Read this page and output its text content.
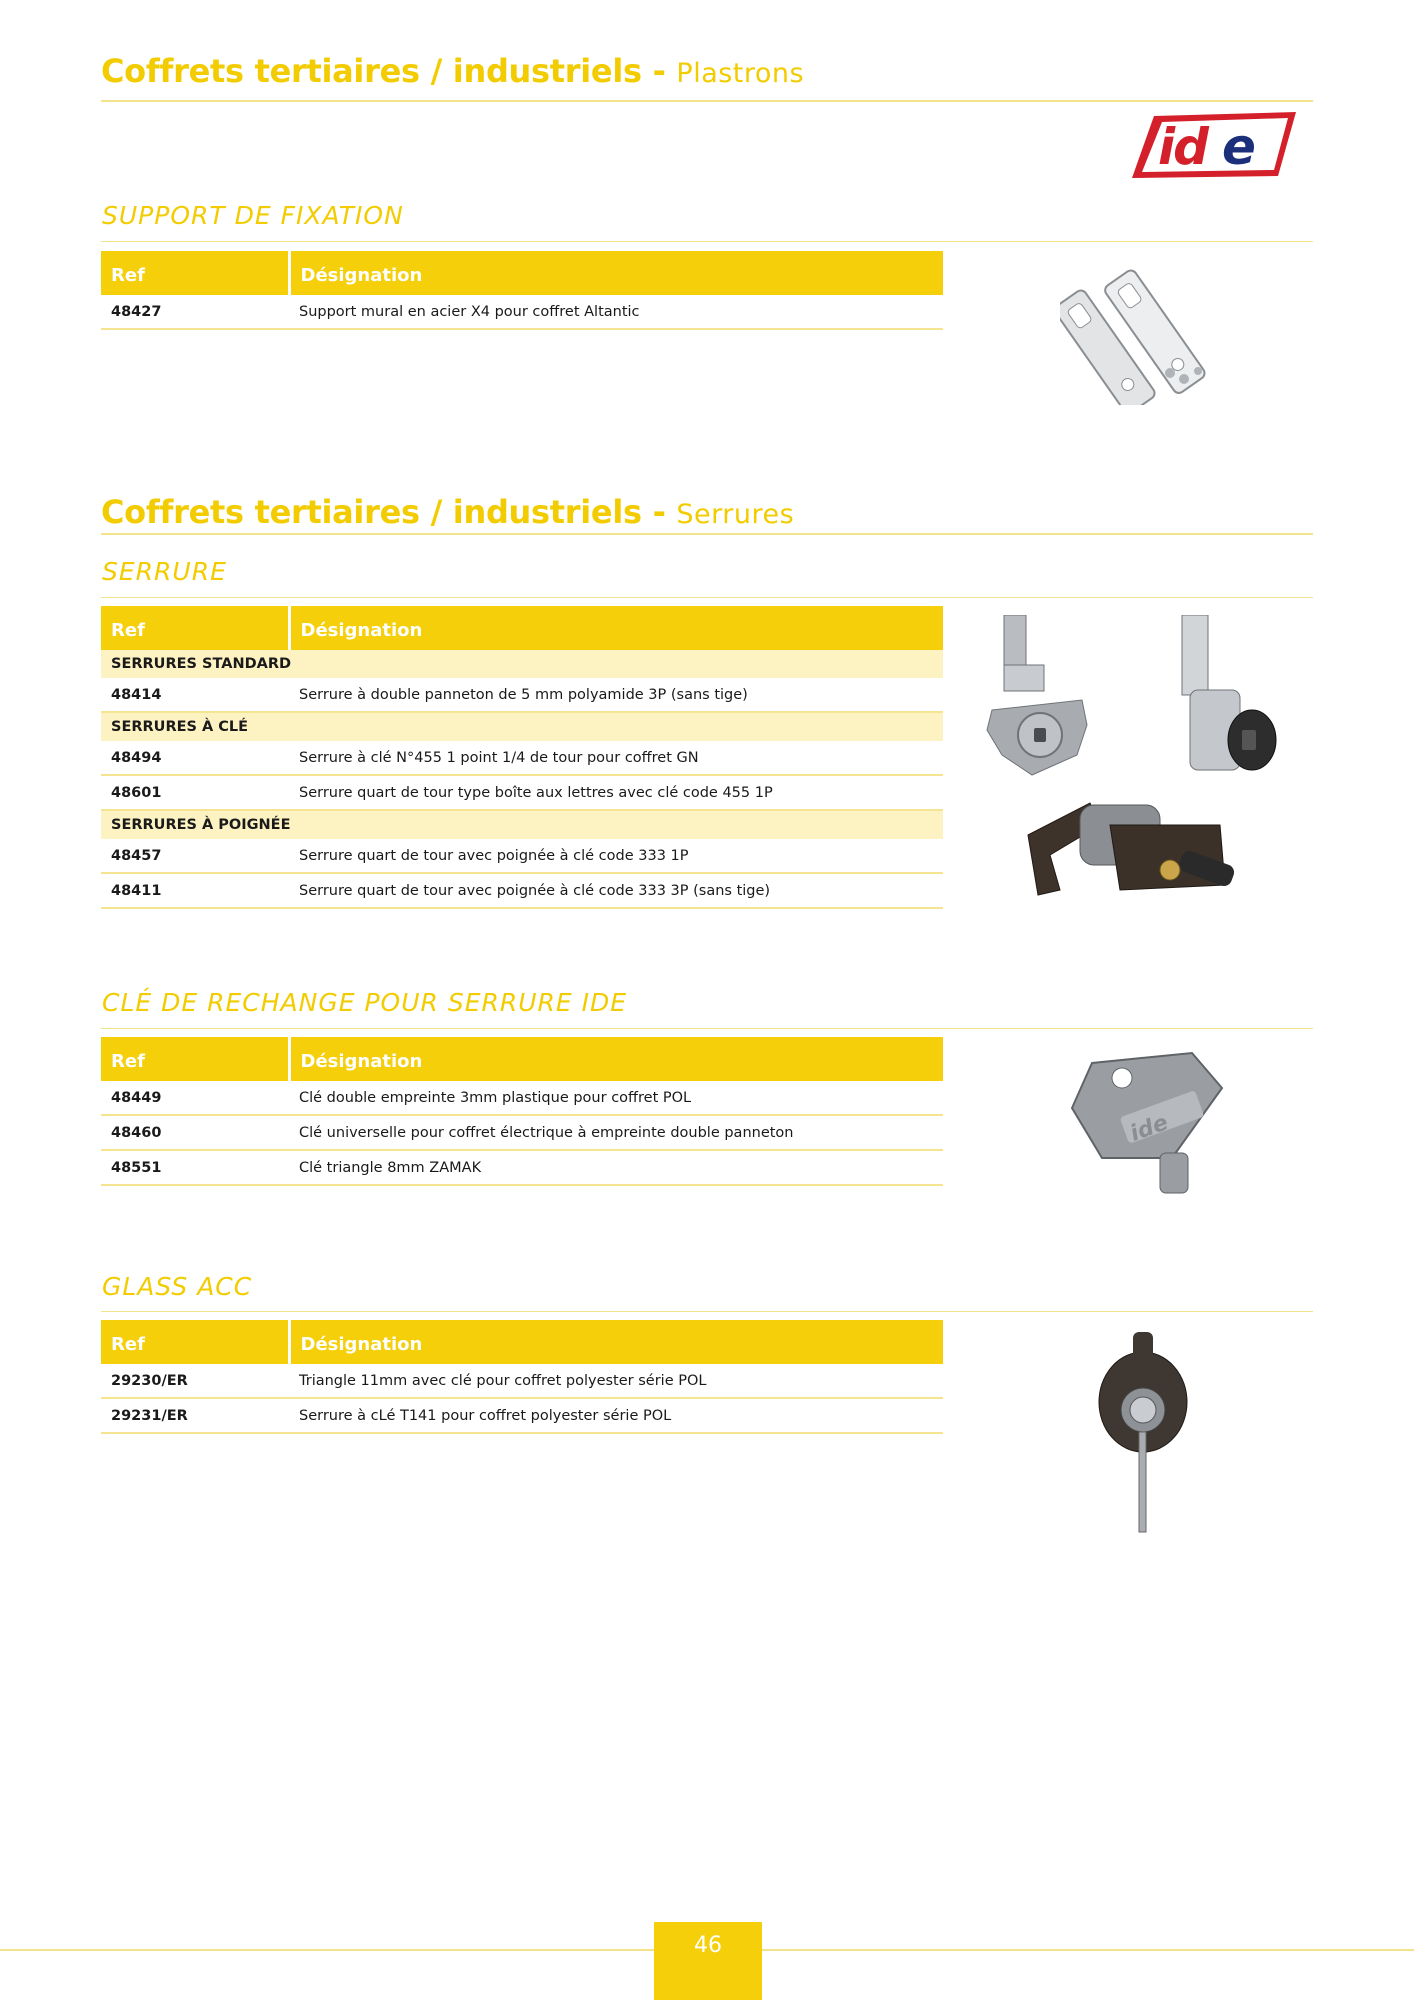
Coffrets tertiaires / industriels - Plastrons
id e
SUPPORT DE FIXATION
Ref	Désignation
48427	Support mural en acier X4 pour coffret Altantic
Coffrets tertiaires / industriels - Serrures
SERRURE
Ref	Désignation
SERRURES STANDARD	
48414	Serrure à double panneton de 5 mm polyamide 3P (sans tige)
SERRURES À CLÉ	
48494	Serrure à clé N°455 1 point 1/4 de tour pour coffret GN
48601	Serrure quart de tour type boîte aux lettres avec clé code 455 1P
SERRURES À POIGNÉE	
48457	Serrure quart de tour avec poignée à clé code 333 1P
48411	Serrure quart de tour avec poignée à clé code 333 3P (sans tige)
CLÉ DE RECHANGE POUR SERRURE IDE
Ref	Désignation
48449	Clé double empreinte 3mm plastique pour coffret POL
48460	Clé universelle pour coffret électrique à empreinte double panneton
48551	Clé triangle 8mm ZAMAK
ide
GLASS ACC
Ref	Désignation
29230/ER	Triangle 11mm avec clé pour coffret polyester série POL
29231/ER	Serrure à cLé T141 pour coffret polyester série POL
46
